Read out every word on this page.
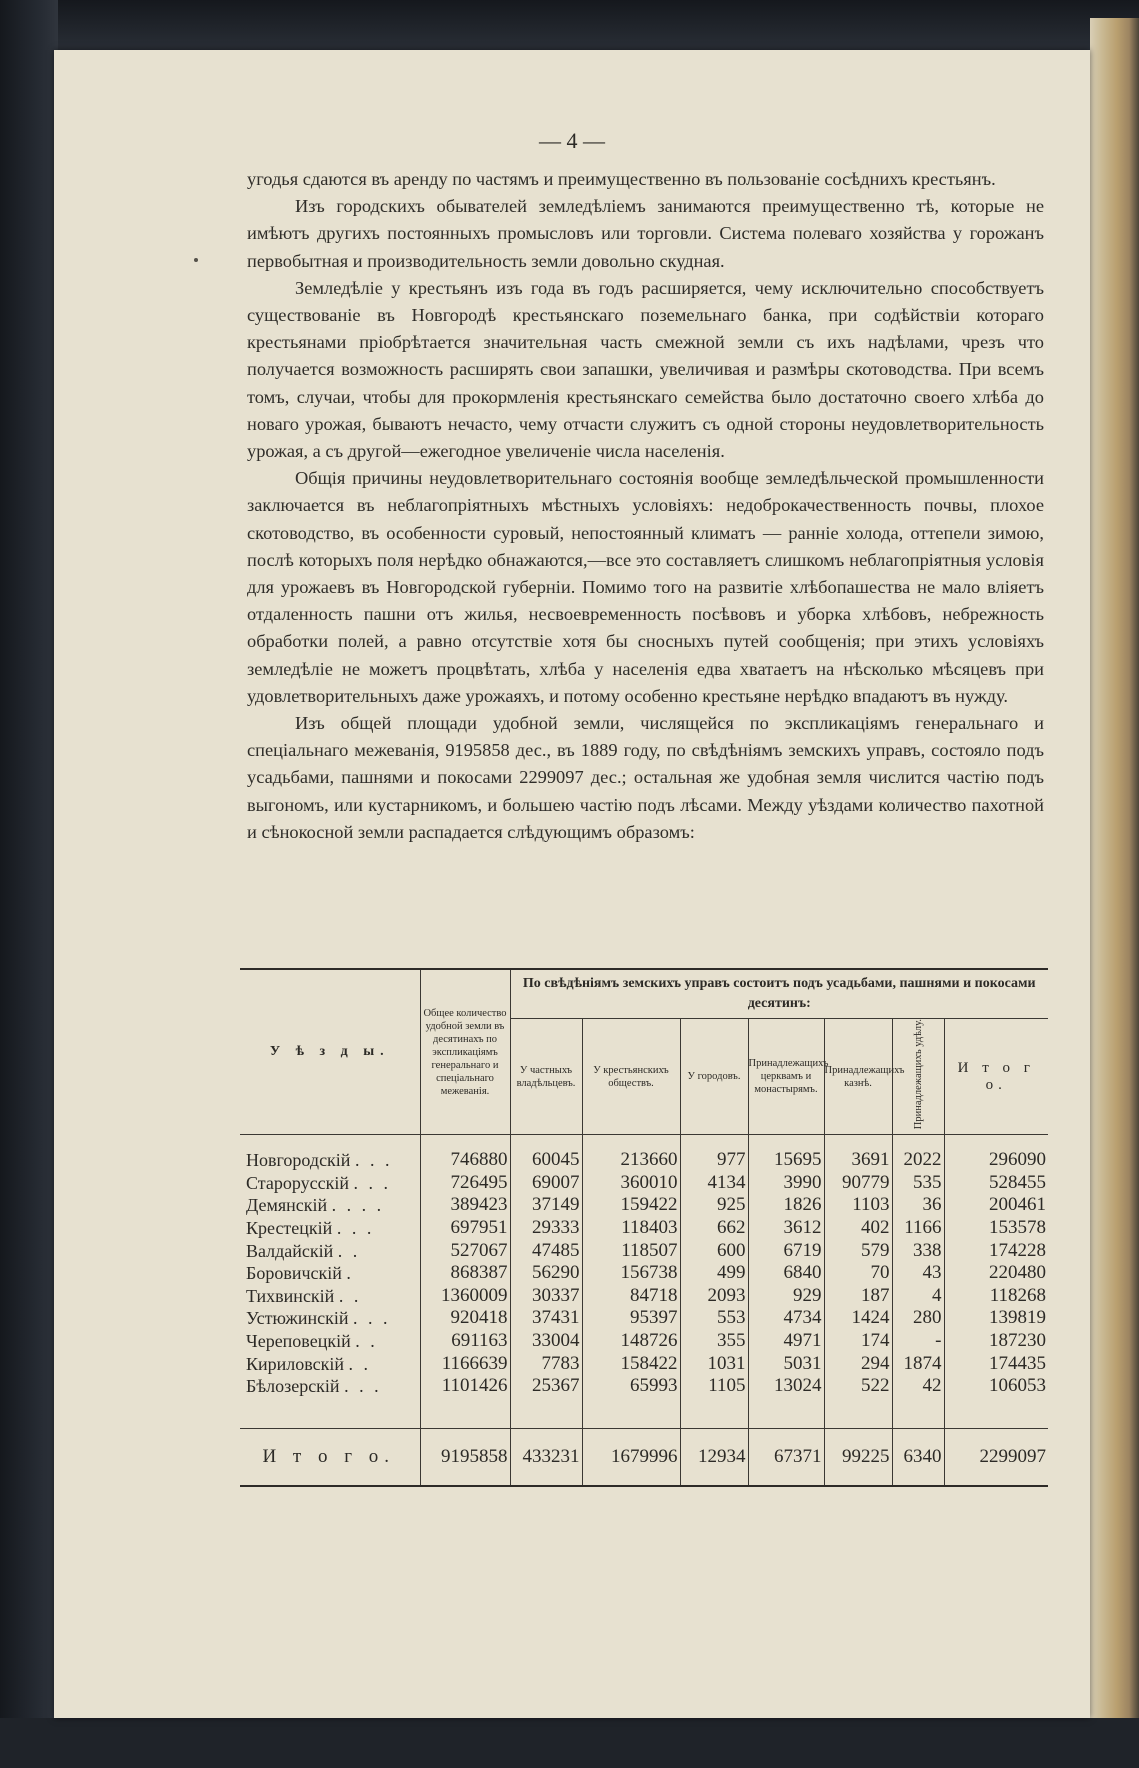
— 4 —

угодья сдаются въ аренду по частямъ и преимущественно въ пользованіе сосѣднихъ крестьянъ.

Изъ городскихъ обывателей земледѣліемъ занимаются преимущественно тѣ, которые не имѣютъ другихъ постоянныхъ промысловъ или торговли. Система полеваго хозяйства у горожанъ первобытная и производительность земли довольно скудная.

Земледѣліе у крестьянъ изъ года въ годъ расширяется, чему исключительно способствуетъ существованіе въ Новгородѣ крестьянскаго поземельнаго банка, при содѣйствіи котораго крестьянами пріобрѣтается значительная часть смежной земли съ ихъ надѣлами, чрезъ что получается возможность расширять свои запашки, увеличивая и размѣры скотоводства. При всемъ томъ, случаи, чтобы для прокормленія крестьянскаго семейства было достаточно своего хлѣба до новаго урожая, бываютъ нечасто, чему отчасти служитъ съ одной стороны неудовлетворительность урожая, а съ другой—ежегодное увеличеніе числа населенія.

Общія причины неудовлетворительнаго состоянія вообще земледѣльческой промышленности заключается въ неблагопріятныхъ мѣстныхъ условіяхъ: недоброкачественность почвы, плохое скотоводство, въ особенности суровый, непостоянный климатъ — ранніе холода, оттепели зимою, послѣ которыхъ поля нерѣдко обнажаются,—все это составляетъ слишкомъ неблагопріятныя условія для урожаевъ въ Новгородской губерніи. Помимо того на развитіе хлѣбопашества не мало вліяетъ отдаленность пашни отъ жилья, несвоевременность посѣвовъ и уборка хлѣбовъ, небрежность обработки полей, а равно отсутствіе хотя бы сносныхъ путей сообщенія; при этихъ условіяхъ земледѣліе не можетъ процвѣтать, хлѣба у населенія едва хватаетъ на нѣсколько мѣсяцевъ при удовлетворительныхъ даже урожаяхъ, и потому особенно крестьяне нерѣдко впадаютъ въ нужду.

Изъ общей площади удобной земли, числящейся по экспликаціямъ генеральнаго и спеціальнаго межеванія, 9195858 дес., въ 1889 году, по свѣдѣніямъ земскихъ управъ, состояло подъ усадьбами, пашнями и покосами 2299097 дес.; остальная же удобная земля числится частію подъ выгономъ, или кустарникомъ, и большею частію подъ лѣсами. Между уѣздами количество пахотной и сѣнокосной земли распадается слѣдующимъ образомъ:

У ѣ з д ы.	Общее количество удобной земли въ десятинахъ по экспликаціямъ генеральнаго и спеціальнаго межеванія.	По свѣдѣніямъ земскихъ управъ состоитъ подъ усадьбами, пашнями и покосами десятинъ:						
		У частныхъ владѣльцевъ.	У крестьянскихъ обществъ.	У городовъ.	Принадлежащихъ церквамъ и монастырямъ.	Принадлежащихъ казнѣ.	Принадлежащихъ удѣлу.	И т о г о.

Новгородскій . . .	746880	60045	213660	977	15695	3691	2022	296090
Старорусскій . . .	726495	69007	360010	4134	3990	90779	535	528455
Демянскій . . . .	389423	37149	159422	925	1826	1103	36	200461
Крестецкій . . .	697951	29333	118403	662	3612	402	1166	153578
Валдайскій . .	527067	47485	118507	600	6719	579	338	174228
Боровичскій .	868387	56290	156738	499	6840	70	43	220480
Тихвинскій . .	1360009	30337	84718	2093	929	187	4	118268
Устюжинскій . . .	920418	37431	95397	553	4734	1424	280	139819
Череповецкій . .	691163	33004	148726	355	4971	174	-	187230
Кириловскій . .	1166639	7783	158422	1031	5031	294	1874	174435
Бѣлозерскій . . .	1101426	25367	65993	1105	13024	522	42	106053

И т о г о.	9195858	433231	1679996	12934	67371	99225	6340	2299097
